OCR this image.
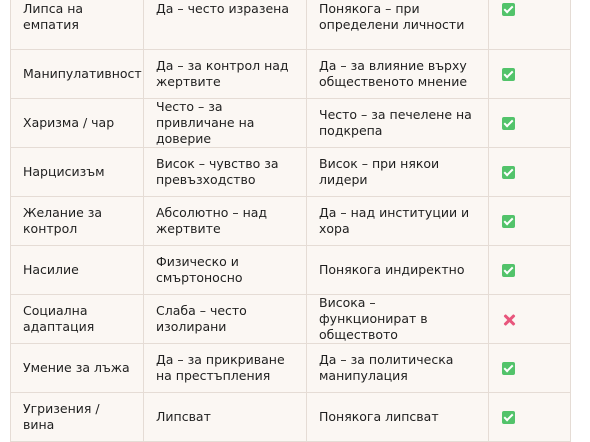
Липса на емпатия	Да – често изразена	Понякога – при определени личности	
Манипулативност	Да – за контрол над жертвите	Да – за влияние върху общественото мнение	
Харизма / чар	Често – за привличане на доверие	Често – за печелене на подкрепа	
Нарцисизъм	Висок – чувство за превъзходство	Висок – при някои лидери	
Желание за контрол	Абсолютно – над жертвите	Да – над институции и хора	
Насилие	Физическо и смъртоносно	Понякога индиректно	
Социална адаптация	Слаба – често изолирани	Висока – функционират в обществото	
Умение за лъжа	Да – за прикриване на престъпления	Да – за политическа манипулация	
Угризения / вина	Липсват	Понякога липсват	
